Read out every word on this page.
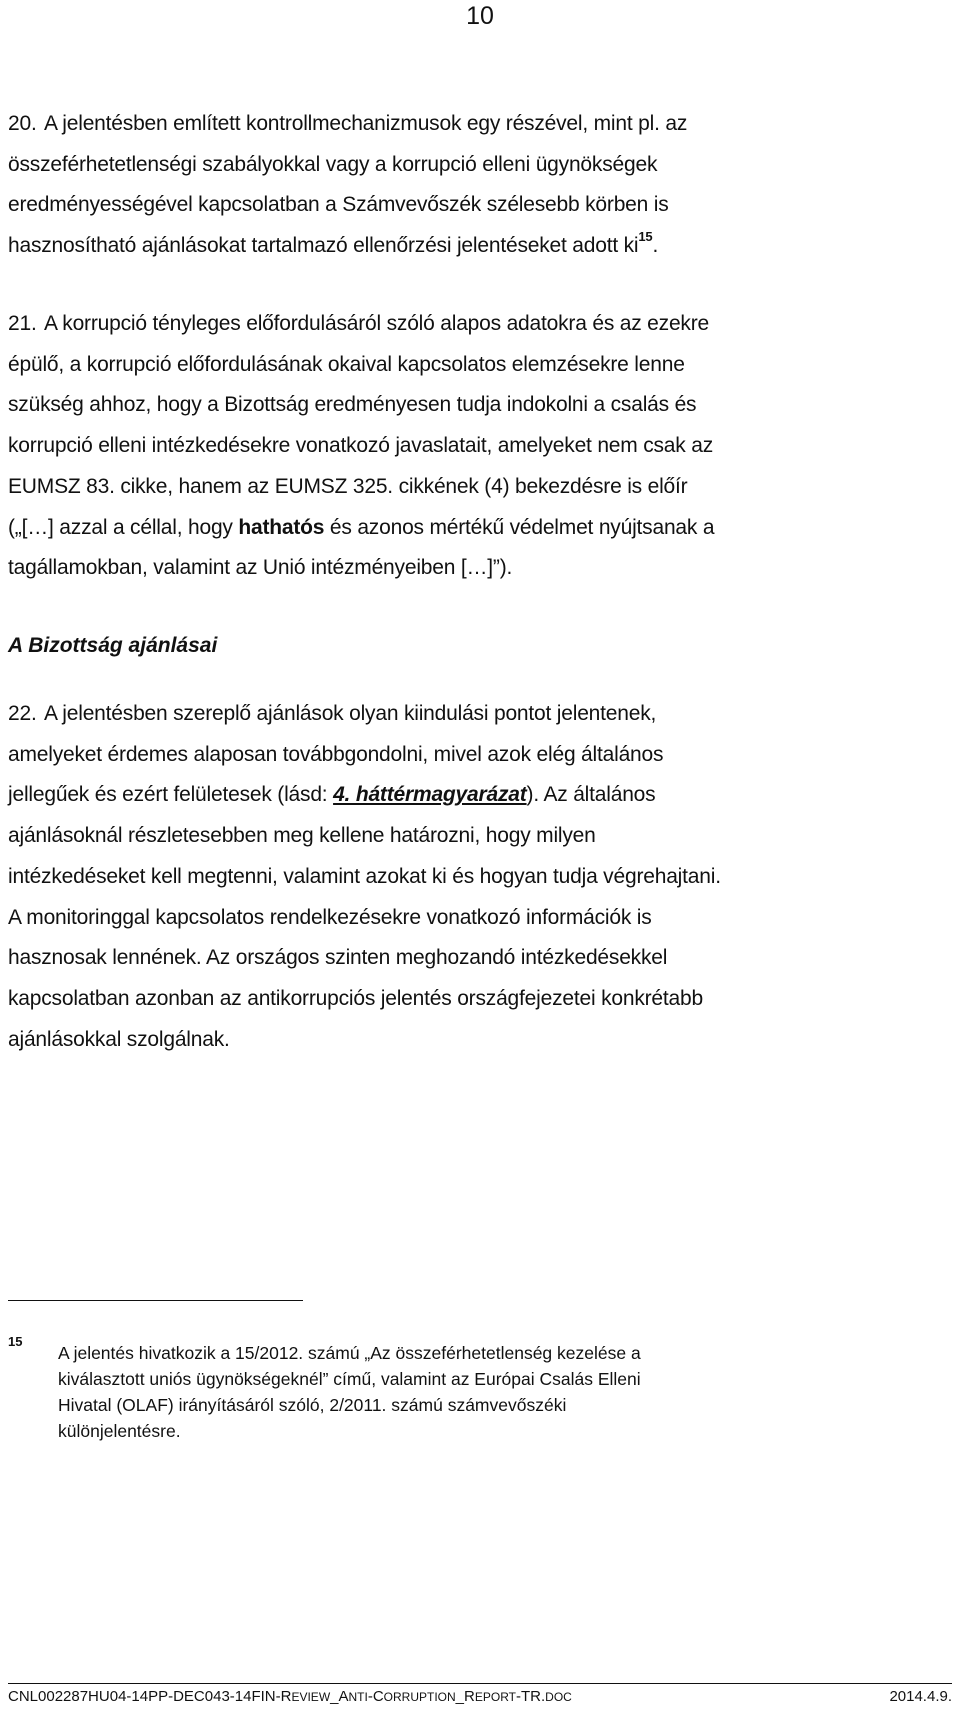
10
20. A jelentésben említett kontrollmechanizmusok egy részével, mint pl. az
összeférhetetlenségi szabályokkal vagy a korrupció elleni ügynökségek
eredményességével kapcsolatban a Számvevőszék szélesebb körben is
hasznosítható ajánlásokat tartalmazó ellenőrzési jelentéseket adott $ki^{15}$.
21. A korrupció tényleges előfordulásáról szóló alapos adatokra és az ezekre
épülő, a korrupció előfordulásának okaival kapcsolatos elemzésekre lenne
szükség ahhoz, hogy a Bizottság eredményesen tudja indokolni a csalás és
korrupció elleni intézkedésekre vonatkozó javaslatait, amelyeket nem csak az
EUMSZ 83. cikke, hanem az EUMSZ 325. cikkének (4) bekezdésre is előír
(„[…] azzal a céllal, hogy hathatós és azonos mértékű védelmet nyújtsanak a
tagállamokban, valamint az Unió intézményeiben […]”).
A Bizottság ajánlásai
22. A jelentésben szereplő ajánlások olyan kiindulási pontot jelentenek,
amelyeket érdemes alaposan továbbgondolni, mivel azok elég általános
jellegűek és ezért felületesek (lásd: 4. háttérmagyarázat). Az általános
ajánlásoknál részletesebben meg kellene határozni, hogy milyen
intézkedéseket kell megtenni, valamint azokat ki és hogyan tudja végrehajtani.
A monitoringgal kapcsolatos rendelkezésekre vonatkozó információk is
hasznosak lennének. Az országos szinten meghozandó intézkedésekkel
kapcsolatban azonban az antikorrupciós jelentés országfejezetei konkrétabb
ajánlásokkal szolgálnak.
15
A jelentés hivatkozik a 15/2012. számú „Az összeférhetetlenség kezelése a
kiválasztott uniós ügynökségeknél” című, valamint az Európai Csalás Elleni
Hivatal (OLAF) irányításáról szóló, 2/2011. számú számvevőszéki
különjelentésre.
CNL002287HU04-14PP-DEC043-14FIN-REVIEW_ANTI-CORRUPTION_REPORT-TR.DOC	2014.4.9.
